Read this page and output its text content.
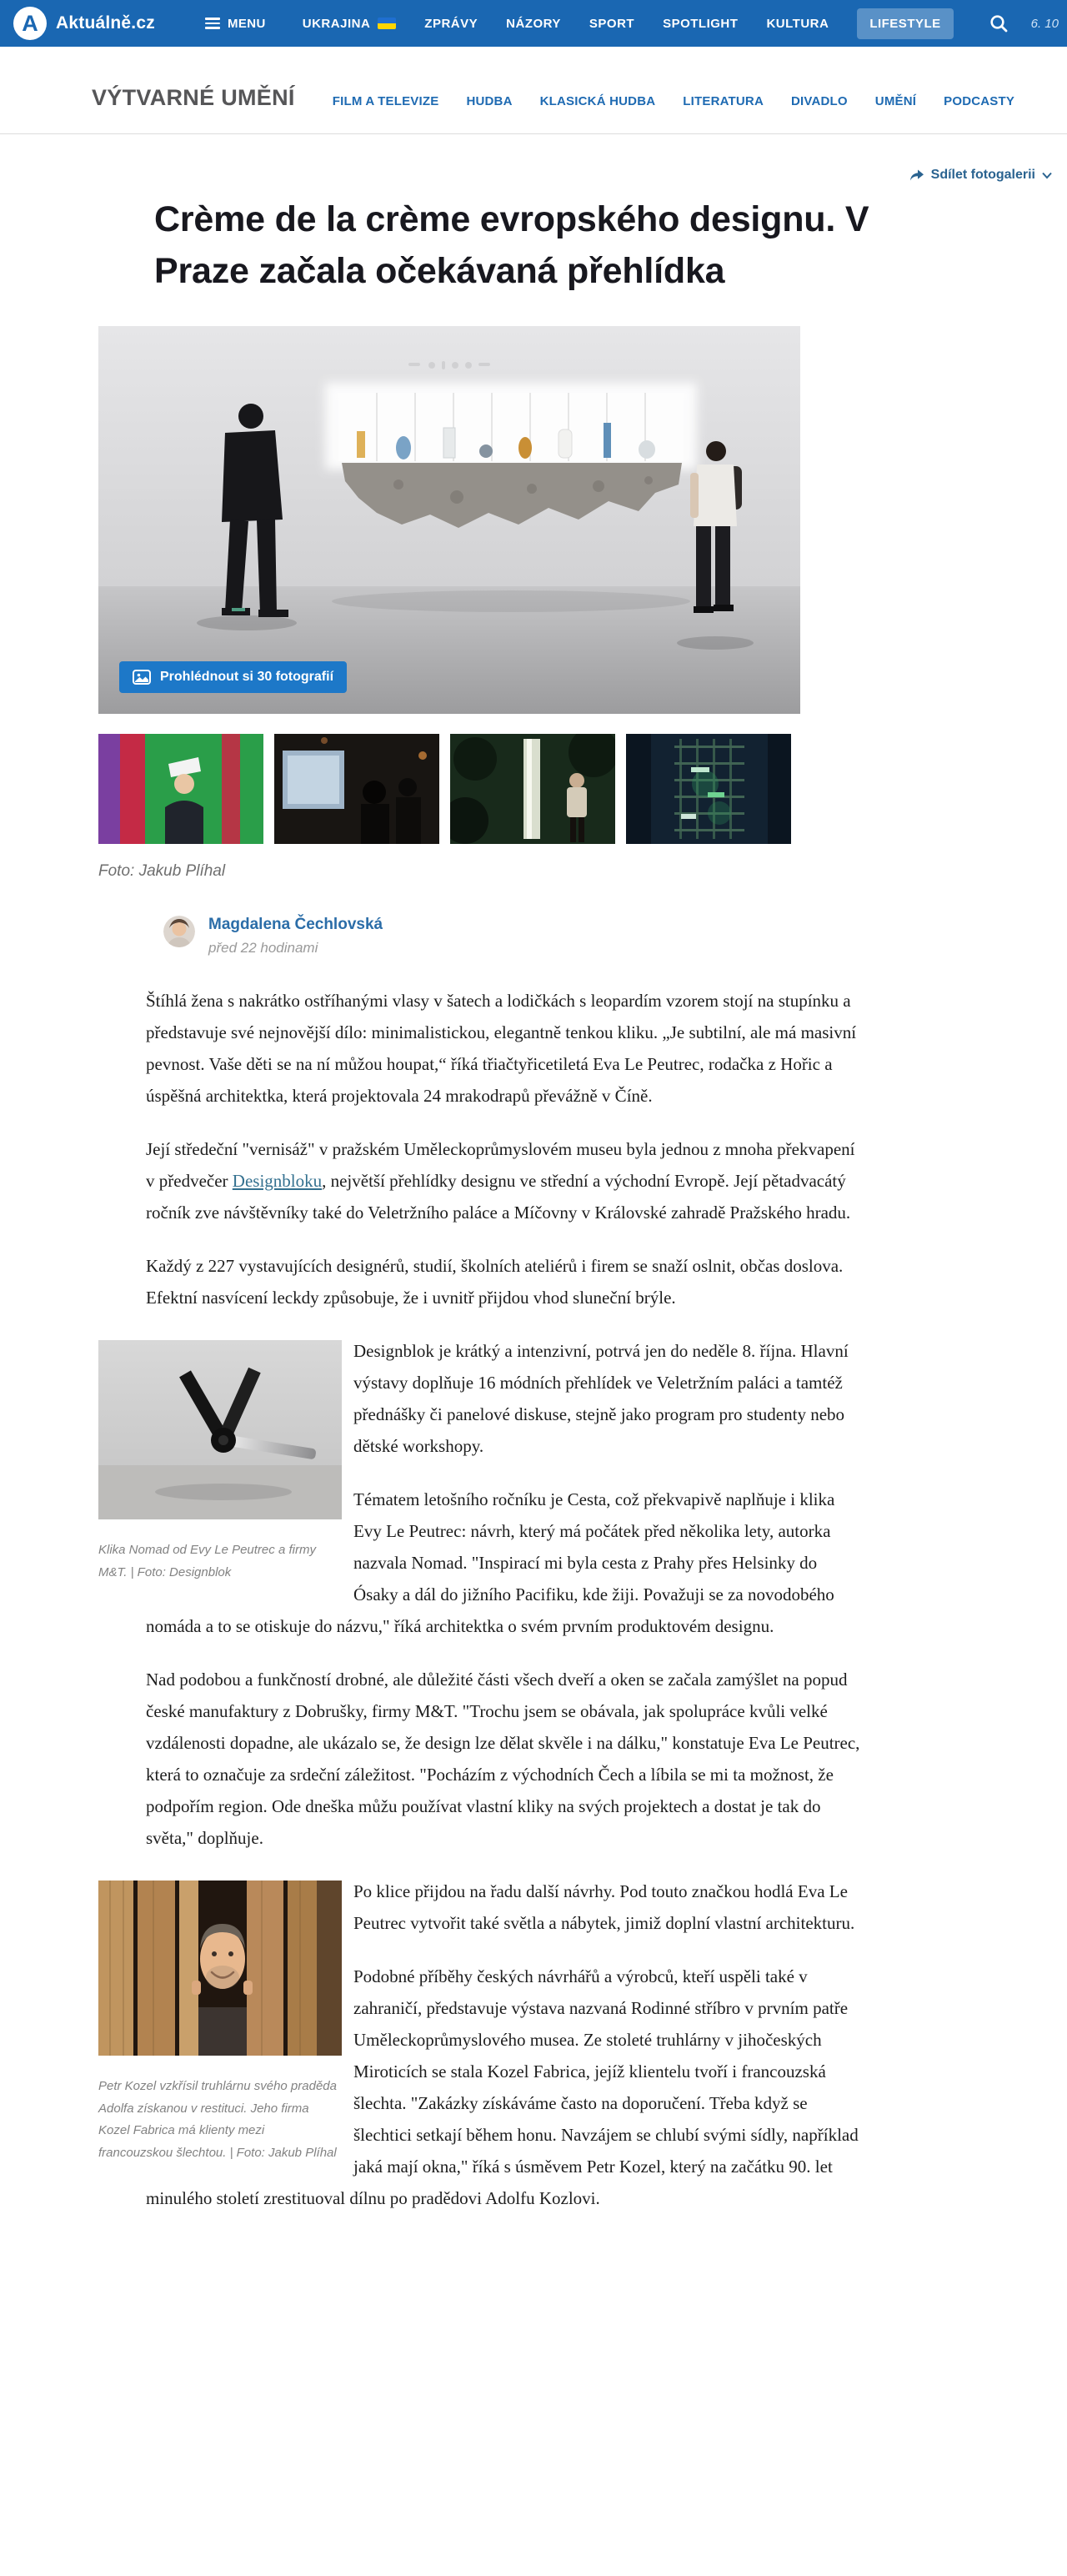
A	Aktuálně.cz	MENU	UKRAJINA	ZPRÁVY NÁZORY SPORT SPOTLIGHT KULTURA	LIFESTYLE	6. 10
VÝTVARNÉ UMĚNÍ	FILM A TELEVIZE HUDBA KLASICKÁ HUDBA LITERATURA DIVADLO UMĚNÍ PODCASTY
Sdílet fotogalerii
Crème de la crème evropského designu. V Praze začala očekávaná přehlídka
Prohlédnout si 30 fotografií
Foto: Jakub Plíhal
Magdalena Čechlovská
před 22 hodinami

Štíhlá žena s nakrátko ostříhanými vlasy v šatech a lodičkách s leopardím vzorem stojí na stupínku a představuje své nejnovější dílo: minimalistickou, elegantně tenkou kliku. „Je subtilní, ale má masivní pevnost. Vaše děti se na ní můžou houpat,“ říká třiačtyřicetiletá Eva Le Peutrec, rodačka z Hořic a úspěšná architektka, která projektovala 24 mrakodrapů převážně v Číně.

Její středeční "vernisáž" v pražském Uměleckoprůmyslovém museu byla jednou z mnoha překvapení v předvečer Designbloku, největší přehlídky designu ve střední a východní Evropě. Její pětadvacátý ročník zve návštěvníky také do Veletržního paláce a Míčovny v Královské zahradě Pražského hradu.

Každý z 227 vystavujících designérů, studií, školních ateliérů i firem se snaží oslnit, občas doslova. Efektní nasvícení leckdy způsobuje, že i uvnitř přijdou vhod sluneční brýle.

Klika Nomad od Evy Le Peutrec a firmy M&T. | Foto: Designblok

Designblok je krátký a intenzivní, potrvá jen do neděle 8. října. Hlavní výstavy doplňuje 16 módních přehlídek ve Veletržním paláci a tamtéž přednášky či panelové diskuse, stejně jako program pro studenty nebo dětské workshopy.

Tématem letošního ročníku je Cesta, což překvapivě naplňuje i klika Evy Le Peutrec: návrh, který má počátek před několika lety, autorka nazvala Nomad. "Inspirací mi byla cesta z Prahy přes Helsinky do Ósaky a dál do jižního Pacifiku, kde žiji. Považuji se za novodobého nomáda a to se otiskuje do názvu," říká architektka o svém prvním produktovém designu.

Nad podobou a funkčností drobné, ale důležité části všech dveří a oken se začala zamýšlet na popud české manufaktury z Dobrušky, firmy M&T. "Trochu jsem se obávala, jak spolupráce kvůli velké vzdálenosti dopadne, ale ukázalo se, že design lze dělat skvěle i na dálku," konstatuje Eva Le Peutrec, která to označuje za srdeční záležitost. "Pocházím z východních Čech a líbila se mi ta možnost, že podpořím region. Ode dneška můžu používat vlastní kliky na svých projektech a dostat je tak do světa," doplňuje.

Petr Kozel vzkřísil truhlárnu svého praděda Adolfa získanou v restituci. Jeho firma Kozel Fabrica má klienty mezi francouzskou šlechtou. | Foto: Jakub Plíhal

Po klice přijdou na řadu další návrhy. Pod touto značkou hodlá Eva Le Peutrec vytvořit také světla a nábytek, jimiž doplní vlastní architekturu.

Podobné příběhy českých návrhářů a výrobců, kteří uspěli také v zahraničí, představuje výstava nazvaná Rodinné stříbro v prvním patře Uměleckoprůmyslového musea. Ze stoleté truhlárny v jihočeských Miroticích se stala Kozel Fabrica, jejíž klientelu tvoří i francouzská šlechta. "Zakázky získáváme často na doporučení. Třeba když se šlechtici setkají během honu. Navzájem se chlubí svými sídly, například jaká mají okna," říká s úsměvem Petr Kozel, který na začátku 90. let minulého století zrestituoval dílnu po pradědovi Adolfu Kozlovi.
